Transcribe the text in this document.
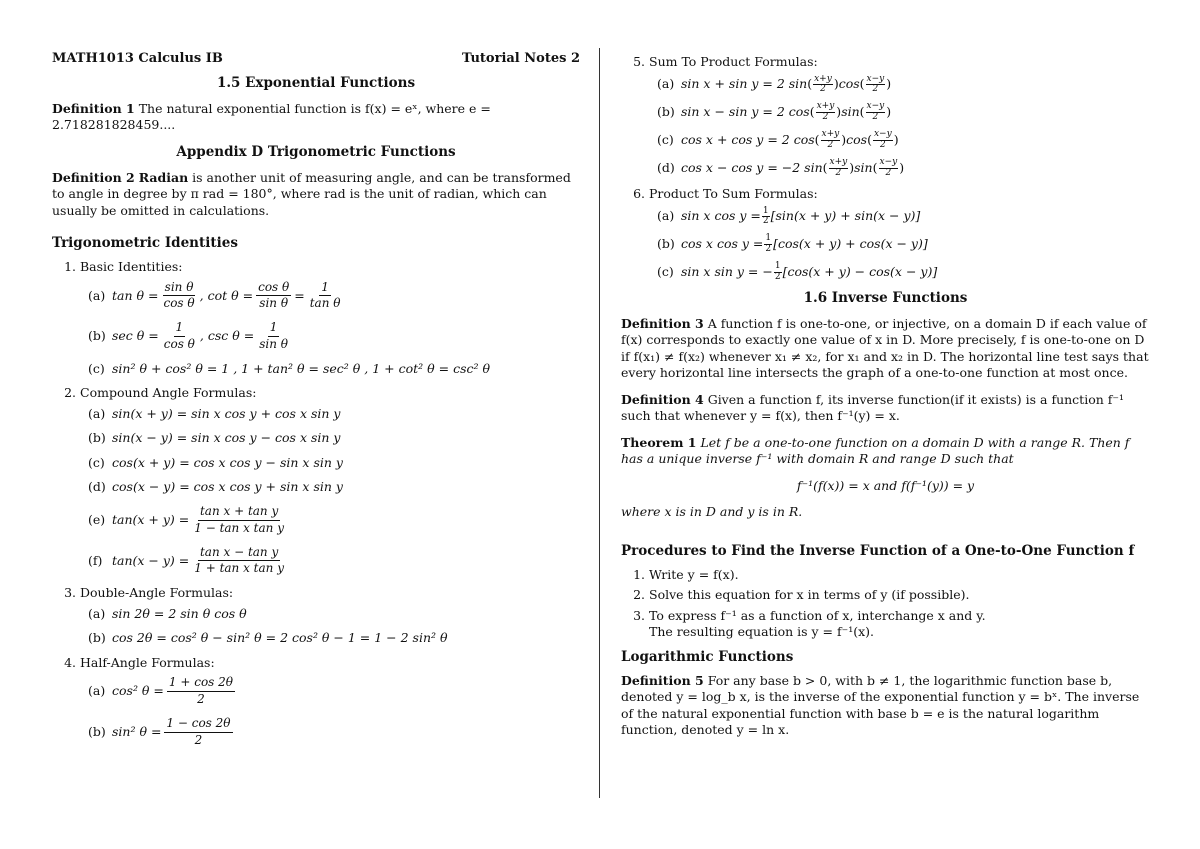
MATH1013 Calculus IB	Tutorial Notes 2
1.5 Exponential Functions
Definition 1 The natural exponential function is f(x) = eˣ, where e = 2.718281828459....
Appendix D Trigonometric Functions
Definition 2 Radian is another unit of measuring angle, and can be transformed to angle in degree by π rad = 180°, where rad is the unit of radian, which can usually be omitted in calculations.
Trigonometric Identities
1. Basic Identities:
(a) $\tan \theta = \frac{\text{sin θ}}{\text{cos θ}}$ , $\cot \theta = \frac{\text{cos θ}}{\text{sin θ}} = \frac{1}{\text{tan θ}}$
(b) $\sec \theta = \frac{1}{\text{cos θ}}$ , $\csc \theta = \frac{1}{\text{sin θ}}$
(c) sin² θ + cos² θ = 1 , 1 + tan² θ = sec² θ , 1 + cot² θ = csc² θ
2. Compound Angle Formulas:
(a) sin(x + y) = sin x cos y + cos x sin y
(b) sin(x − y) = sin x cos y − cos x sin y
(c) cos(x + y) = cos x cos y − sin x sin y
(d) cos(x − y) = cos x cos y + sin x sin y
(e) $\tan(x + y) = \frac{\text{tan x + tan y}}{\text{1 − tan x tan y}}$
(f) $\tan(x - y) = \frac{\text{tan x − tan y}}{\text{1 + tan x tan y}}$
3. Double-Angle Formulas:
(a) sin 2θ = 2 sin θ cos θ
(b) cos 2θ = cos² θ − sin² θ = 2 cos² θ − 1 = 1 − 2 sin² θ
4. Half-Angle Formulas:
(a) cos² $\theta = \frac{1 + \cos 2\theta}{2}$
(b) sin² $\theta = \frac{1 - \cos 2\theta}{2}$
5. Sum To Product Formulas:
(a) sin x + sin y = 2 sin ( $\frac{x+y}{2}$ ) cos ( $\frac{x-y}{2}$ )
(b) sin x − sin y = 2 cos ( $\frac{x+y}{2}$ ) sin ( $\frac{x-y}{2}$ )
(c) cos x + cos y = 2 cos ( $\frac{x+y}{2}$ ) cos ( $\frac{x-y}{2}$ )
(d) cos x − cos y = −2 sin ( $\frac{x+y}{2}$ ) sin ( $\frac{x-y}{2}$ )
6. Product To Sum Formulas:
(a) sin x $\cos y = \frac{1}{2} [\sin(x + y) + \sin(x - y)]$
(b) cos x $\cos y = \frac{1}{2} [\cos(x + y) + \cos(x - y)]$
(c) sin x sin y = − $\frac{1}{2} [\cos(x + y) - \cos(x - y)]$
1.6 Inverse Functions
Definition 3 A function f is one-to-one, or injective, on a domain D if each value of f(x) corresponds to exactly one value of x in D. More precisely, f is one-to-one on D if f(x₁) ≠ f(x₂) whenever x₁ ≠ x₂, for x₁ and x₂ in D. The horizontal line test says that every horizontal line intersects the graph of a one-to-one function at most once.
Definition 4 Given a function f, its inverse function(if it exists) is a function f⁻¹ such that whenever y = f(x), then f⁻¹(y) = x.
Theorem 1 Let f be a one-to-one function on a domain D with a range R. Then f has a unique inverse f⁻¹ with domain R and range D such that
f⁻¹(f(x)) = x and f(f⁻¹(y)) = y
where x is in D and y is in R.
Procedures to Find the Inverse Function of a One-to-One Function f
1. Write y = f(x).
2. Solve this equation for x in terms of y (if possible).
3. To express f⁻¹ as a function of x, interchange x and y.
The resulting equation is y = f⁻¹(x).
Logarithmic Functions
Definition 5 For any base b > 0, with b ≠ 1, the logarithmic function base b, denoted y = log_b x, is the inverse of the exponential function y = bˣ. The inverse of the natural exponential function with base b = e is the natural logarithm function, denoted y = ln x.
